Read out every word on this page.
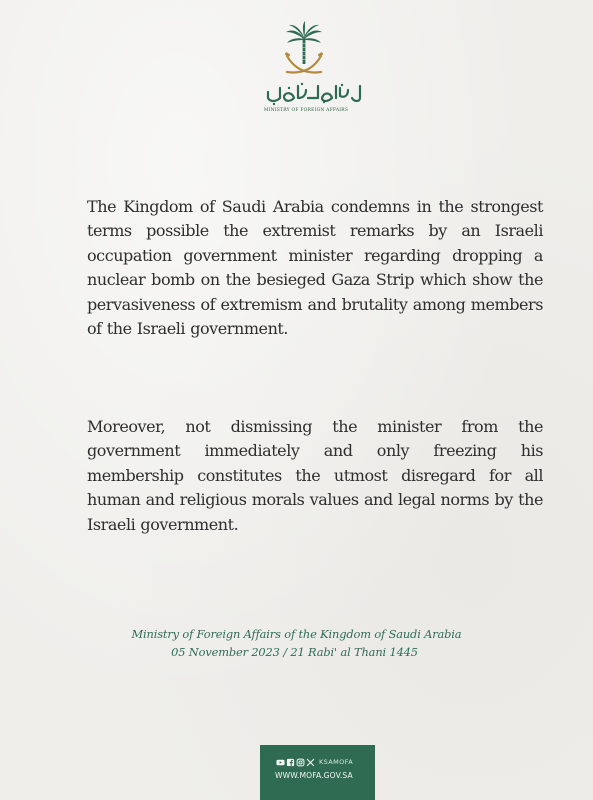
MINISTRY OF FOREIGN AFFAIRS

The Kingdom of Saudi Arabia condemns in the strongest terms possible the extremist remarks by an Israeli occupation government minister regarding dropping a nuclear bomb on the besieged Gaza Strip which show the pervasiveness of extremism and brutality among members of the Israeli government.

Moreover, not dismissing the minister from the government immediately and only freezing his membership constitutes the utmost disregard for all human and religious morals values and legal norms by the Israeli government.

Ministry of Foreign Affairs of the Kingdom of Saudi Arabia
05 November 2023 / 21 Rabi' al Thani 1445
KSAMOFA
WWW.MOFA.GOV.SA
